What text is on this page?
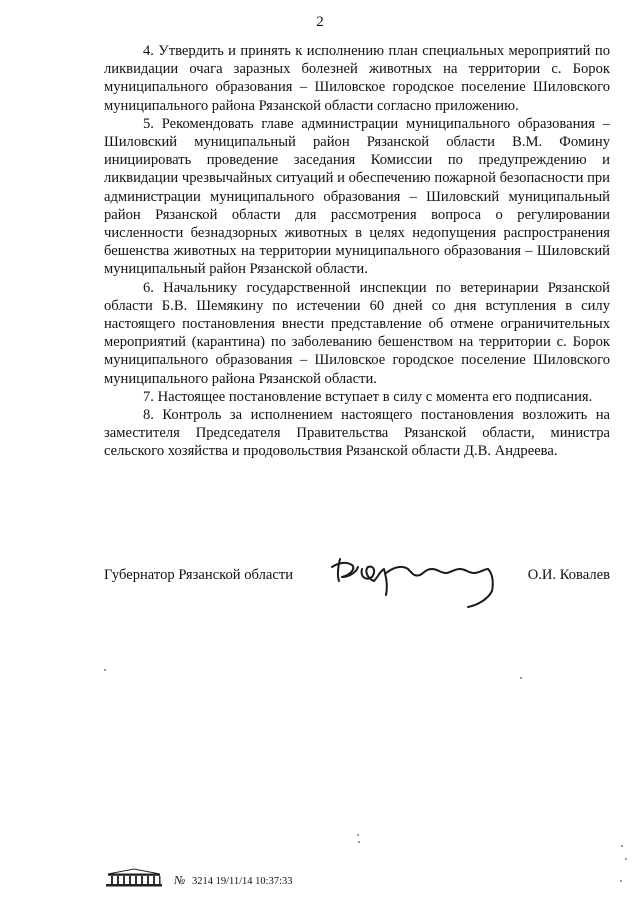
2

4. Утвердить и принять к исполнению план специальных мероприятий по ликвидации очага заразных болезней животных на территории с. Борок муниципального образования – Шиловское городское поселение Шиловского муниципального района Рязанской области согласно приложению.

5. Рекомендовать главе администрации муниципального образования – Шиловский муниципальный район Рязанской области В.М. Фомину инициировать проведение заседания Комиссии по предупреждению и ликвидации чрезвычайных ситуаций и обеспечению пожарной безопасности при администрации муниципального образования – Шиловский муниципальный район Рязанской области для рассмотрения вопроса о регулировании численности безнадзорных животных в целях недопущения распространения бешенства животных на территории муниципального образования – Шиловский муниципальный район Рязанской области.

6. Начальнику государственной инспекции по ветеринарии Рязанской области Б.В. Шемякину по истечении 60 дней со дня вступления в силу настоящего постановления внести представление об отмене ограничительных мероприятий (карантина) по заболеванию бешенством на территории с. Борок муниципального образования – Шиловское городское поселение Шиловского муниципального района Рязанской области.

7. Настоящее постановление вступает в силу с момента его подписания.

8. Контроль за исполнением настоящего постановления возложить на заместителя Председателя Правительства Рязанской области, министра сельского хозяйства и продовольствия Рязанской области Д.В. Андреева.

Губернатор Рязанской области	О.И. Ковалев
№ 3214 19/11/14 10:37:33
